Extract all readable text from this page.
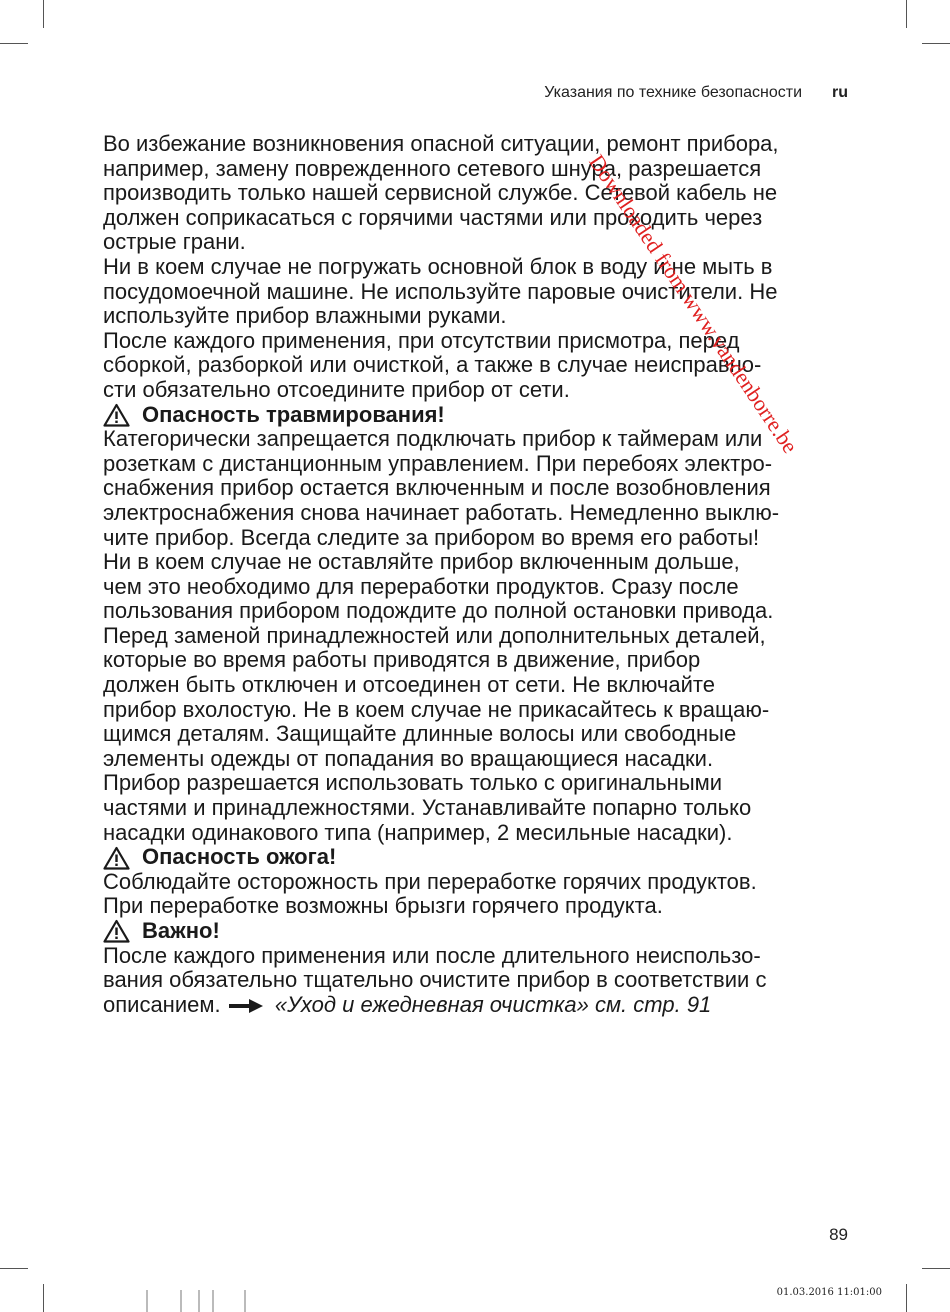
Указания по технике безопасности ru

Во избежание возникновения опасной ситуации, ремонт прибора,

например, замену поврежденного сетевого шнура, разрешается

производить только нашей сервисной службе. Сетевой кабель не

должен соприкасаться с горячими частями или проходить через

острые грани.

Ни в коем случае не погружать основной блок в воду и не мыть в

посудомоечной машине. Не используйте паровые очистители. Не

используйте прибор влажными руками.

После каждого применения, при отсутствии присмотра, перед

сборкой, разборкой или очисткой, а также в случае неисправно-

сти обязательно отсоедините прибор от сети.

Опасность травмирования!

Категорически запрещается подключать прибор к таймерам или

розеткам с дистанционным управлением. При перебоях электро-

снабжения прибор остается включенным и после возобновления

электроснабжения снова начинает работать. Немедленно выклю-

чите прибор. Всегда следите за прибором во время его работы!

Ни в коем случае не оставляйте прибор включенным дольше,

чем это необходимо для переработки продуктов. Сразу после

пользования прибором подождите до полной остановки привода.

Перед заменой принадлежностей или дополнительных деталей,

которые во время работы приводятся в движение, прибор

должен быть отключен и отсоединен от сети. Не включайте

прибор вхолостую. Не в коем случае не прикасайтесь к вращаю-

щимся деталям. Защищайте длинные волосы или свободные

элементы одежды от попадания во вращающиеся насадки.

Прибор разрешается использовать только с оригинальными

частями и принадлежностями. Устанавливайте попарно только

насадки одинакового типа (например, 2 месильные насадки).

Опасность ожога!

Соблюдайте осторожность при переработке горячих продуктов.

При переработке возможны брызги горячего продукта.

Важно!

После каждого применения или после длительного неиспользо-

вания обязательно тщательно очистите прибор в соответствии с

описанием. «Уход и ежедневная очистка» см. стр. 91

89
01.03.2016 11:01:00
Downloaded from www.vandenborre.be
